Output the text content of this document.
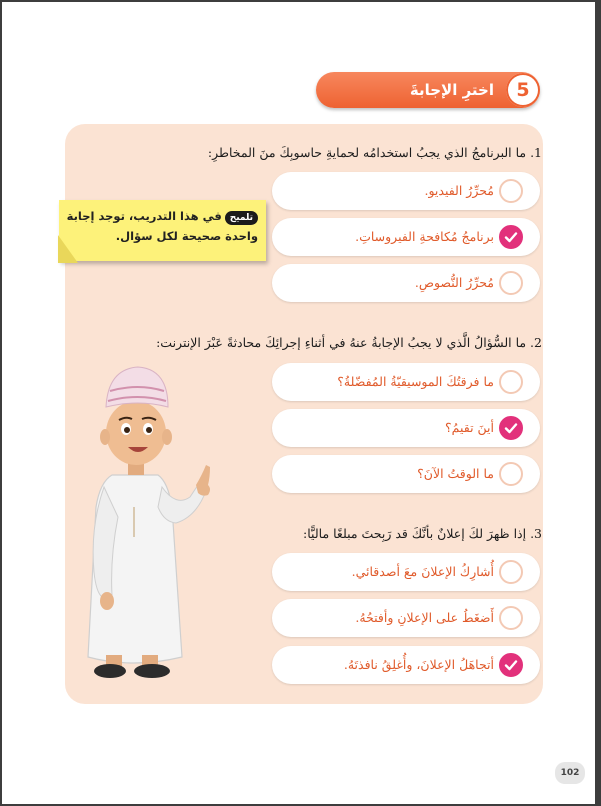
اخترِ الإجابةَ	5
1. ما البرنامجُ الذي يجبُ استخدامُه لحمايةِ حاسوبِكَ منَ المخاطرِ:
مُحرِّرُ الفيديو.
برنامجُ مُكافحةِ الفيروساتِ.
مُحرِّرُ النُّصوصِ.
2. ما السُّؤالُ الَّذي لا يجبُ الإجابةُ عنهُ في أثناءِ إجرائِكَ محادثةً عَبْرَ الإنترنت:
ما فرقتُكَ الموسيقيّةُ المُفضّلةُ؟
أينَ تقيمُ؟
ما الوقتُ الآنَ؟
3. إذا ظهرَ لكَ إعلانٌ بأنَّكَ قد رَبِحتَ مبلغًا ماليًّا:
أُشارِكُ الإعلانَ معَ أصدقائي.
أَضغَطُ على الإعلانِ وأفتحُهُ.
أتجاهَلُ الإعلانَ، وأُغلِقُ نافذتَهُ.
تلميحفي هذا التدريب، توجد إجابة واحدة صحيحة لكل سؤال.
102
